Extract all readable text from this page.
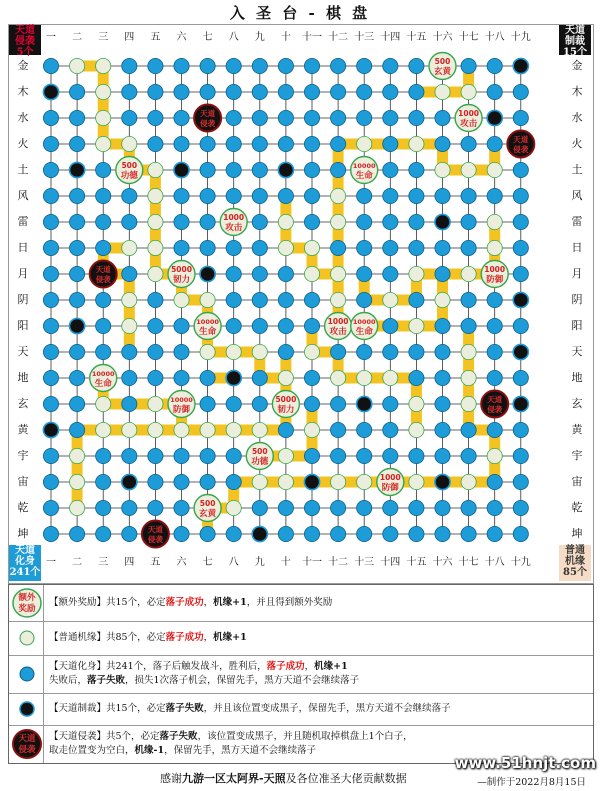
入 圣 台 - 棋 盘
天道
侵袭
5个
天道
制裁
15个
天道
化身
241个
普通
机缘
85个
一
一
二
二
三
三
四
四
五
五
六
六
七
七
八
八
九
九
十
十
十一
十一
十二
十二
十三
十三
十四
十四
十五
十五
十六
十六
十七
十七
十八
十八
十九
十九
金	金
木	木
水	水
火	火
土	土
风	风
雷	雷
日	日
月	月
阴	阴
阳	阳
天	天
地	地
玄	玄
黄	黄
宇	宇
宙	宙
乾	乾
坤	坤
500
玄黄
1000
攻击
500
功德
10000
生命
1000
攻击
5000
韧力
1000
防御
10000
生命
1000
攻击
10000
生命
10000
生命
10000
防御
5000
韧力
500
功德
1000
防御
500
玄黄
天道
侵袭
天道
侵袭
天道
侵袭
天道
侵袭
天道
侵袭
额外
奖励
【额外奖励】共15个，必定落子成功，机缘+1，并且得到额外奖励
【普通机缘】共85个，必定落子成功，机缘+1
【天道化身】共241个，落子后触发战斗，胜利后，落子成功，机缘+1
失败后，落子失败，损失1次落子机会，保留先手，黑方天道不会继续落子
【天道制裁】共15个，必定落子失败，并且该位置变成黑子，保留先手，黑方天道不会继续落子
天道
侵袭
【天道侵袭】共5个，必定落子失败，该位置变成黑子，并且随机取掉棋盘上1个白子，
取走位置变为空白，机缘-1，保留先手，黑方天道不会继续落子
www.51hnjt.com
感谢九游一区太阿界-天照及各位准圣大佬贡献数据	—制作于2022月8月15日
